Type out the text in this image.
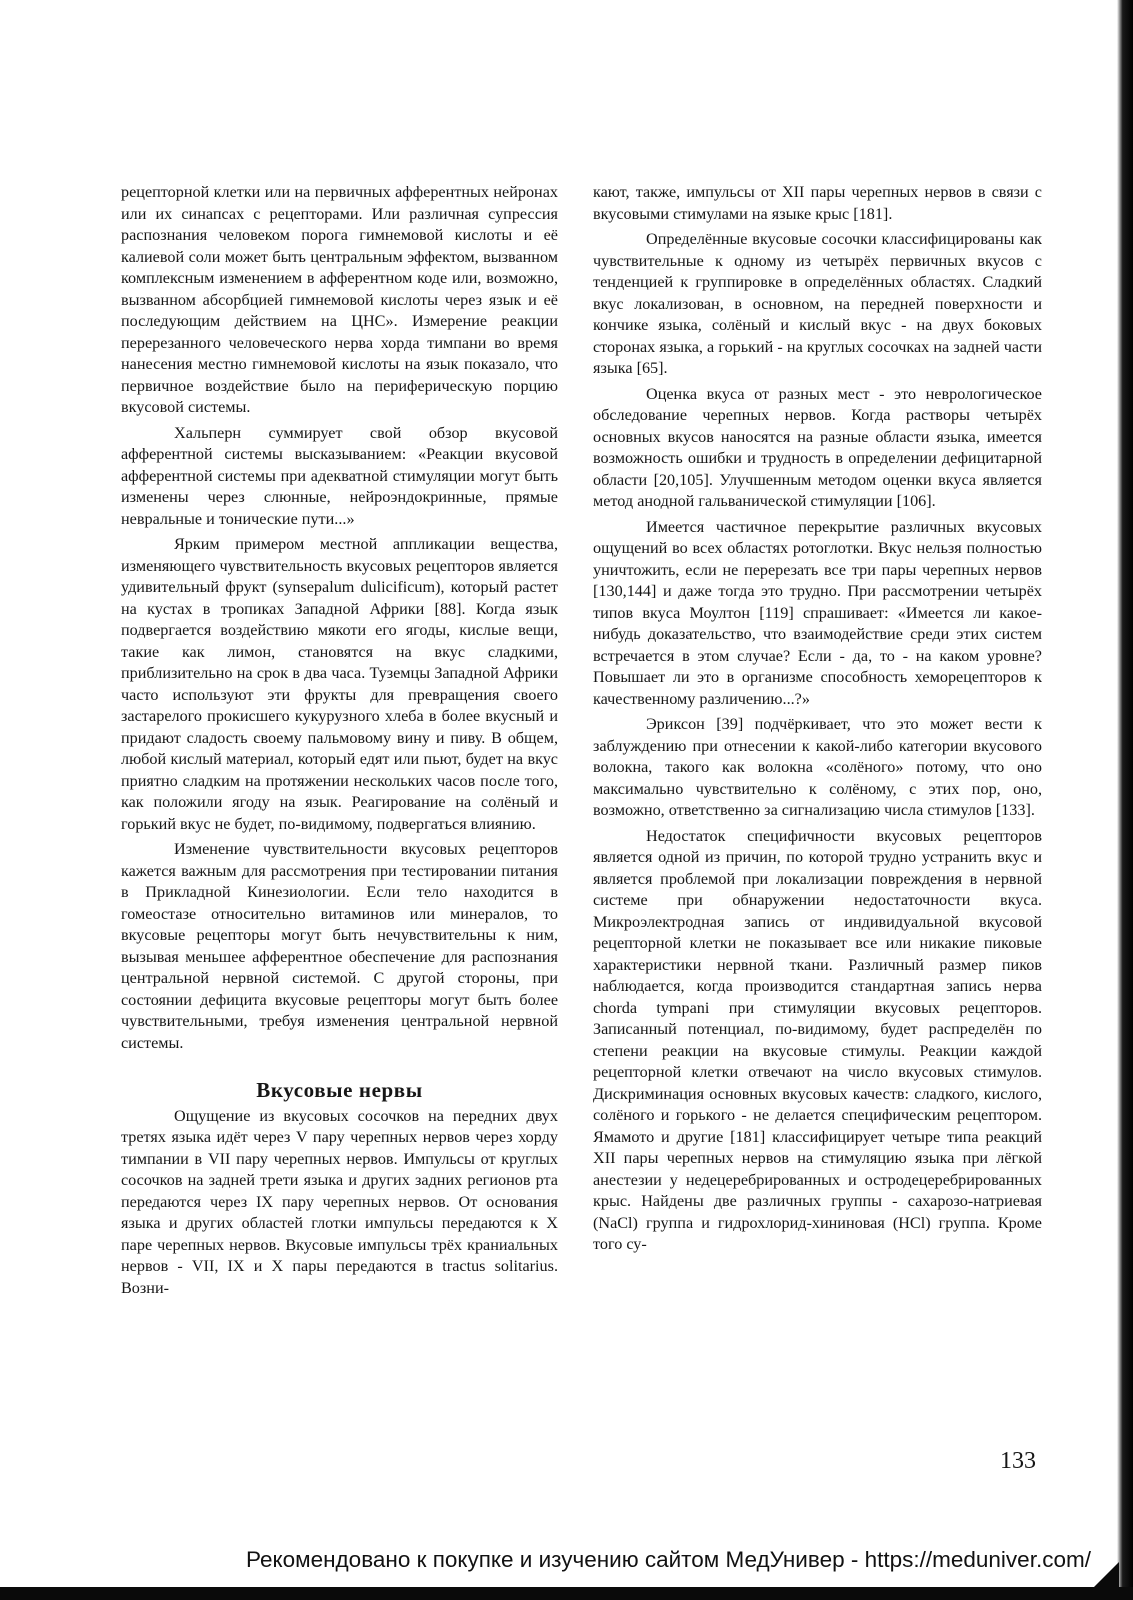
рецепторной клетки или на первичных афферентных нейронах или их синапсах с рецепторами. Или различная супрессия распознания человеком порога гимнемовой кислоты и её калиевой соли может быть центральным эффектом, вызванном комплексным изменением в афферентном коде или, возможно, вызванном абсорбцией гимнемовой кислоты через язык и её последующим действием на ЦНС». Измерение реакции перерезанного человеческого нерва хорда тимпани во время нанесения местно гимнемовой кислоты на язык показало, что первичное воздействие было на периферическую порцию вкусовой системы.

Хальперн суммирует свой обзор вкусовой афферентной системы высказыванием: «Реакции вкусовой афферентной системы при адекватной стимуляции могут быть изменены через слюнные, нейроэндокринные, прямые невральные и тонические пути...»

Ярким примером местной аппликации вещества, изменяющего чувствительность вкусовых рецепторов является удивительный фрукт (synsepalum dulicificum), который растет на кустах в тропиках Западной Африки [88]. Когда язык подвергается воздействию мякоти его ягоды, кислые вещи, такие как лимон, становятся на вкус сладкими, приблизительно на срок в два часа. Туземцы Западной Африки часто используют эти фрукты для превращения своего застарелого прокисшего кукурузного хлеба в более вкусный и придают сладость своему пальмовому вину и пиву. В общем, любой кислый материал, который едят или пьют, будет на вкус приятно сладким на протяжении нескольких часов после того, как положили ягоду на язык. Реагирование на солёный и горький вкус не будет, по-видимому, подвергаться влиянию.

Изменение чувствительности вкусовых рецепторов кажется важным для рассмотрения при тестировании питания в Прикладной Кинезиологии. Если тело находится в гомеостазе относительно витаминов или минералов, то вкусовые рецепторы могут быть нечувствительны к ним, вызывая меньшее афферентное обеспечение для распознания центральной нервной системой. С другой стороны, при состоянии дефицита вкусовые рецепторы могут быть более чувствительными, требуя изменения центральной нервной системы.

Вкусовые нервы

Ощущение из вкусовых сосочков на передних двух третях языка идёт через V пару черепных нервов через хорду тимпании в VII пару черепных нервов. Импульсы от круглых сосочков на задней трети языка и других задних регионов рта передаются через IX пару черепных нервов. От основания языка и других областей глотки импульсы передаются к X паре черепных нервов. Вкусовые импульсы трёх краниальных нервов - VII, IX и X пары передаются в tractus solitarius. Возни-

кают, также, импульсы от XII пары черепных нервов в связи с вкусовыми стимулами на языке крыс [181].

Определённые вкусовые сосочки классифицированы как чувствительные к одному из четырёх первичных вкусов с тенденцией к группировке в определённых областях. Сладкий вкус локализован, в основном, на передней поверхности и кончике языка, солёный и кислый вкус - на двух боковых сторонах языка, а горький - на круглых сосочках на задней части языка [65].

Оценка вкуса от разных мест - это неврологическое обследование черепных нервов. Когда растворы четырёх основных вкусов наносятся на разные области языка, имеется возможность ошибки и трудность в определении дефицитарной области [20,105]. Улучшенным методом оценки вкуса является метод анодной гальванической стимуляции [106].

Имеется частичное перекрытие различных вкусовых ощущений во всех областях ротоглотки. Вкус нельзя полностью уничтожить, если не перерезать все три пары черепных нервов [130,144] и даже тогда это трудно. При рассмотрении четырёх типов вкуса Моултон [119] спрашивает: «Имеется ли какое-нибудь доказательство, что взаимодействие среди этих систем встречается в этом случае? Если - да, то - на каком уровне? Повышает ли это в организме способность хеморецепторов к качественному различению...?»

Эриксон [39] подчёркивает, что это может вести к заблуждению при отнесении к какой-либо категории вкусового волокна, такого как волокна «солёного» потому, что оно максимально чувствительно к солёному, с этих пор, оно, возможно, ответственно за сигнализацию числа стимулов [133].

Недостаток специфичности вкусовых рецепторов является одной из причин, по которой трудно устранить вкус и является проблемой при локализации повреждения в нервной системе при обнаружении недостаточности вкуса. Микроэлектродная запись от индивидуальной вкусовой рецепторной клетки не показывает все или никакие пиковые характеристики нервной ткани. Различный размер пиков наблюдается, когда производится стандартная запись нерва chorda tympani при стимуляции вкусовых рецепторов. Записанный потенциал, по-видимому, будет распределён по степени реакции на вкусовые стимулы. Реакции каждой рецепторной клетки отвечают на число вкусовых стимулов. Дискриминация основных вкусовых качеств: сладкого, кислого, солёного и горького - не делается специфическим рецептором. Ямамото и другие [181] классифицирует четыре типа реакций XII пары черепных нервов на стимуляцию языка при лёгкой анестезии у недецеребрированных и остродецеребрированных крыс. Найдены две различных группы - сахарозо-натриевая (NaCl) группа и гидрохлорид-хининовая (HCl) группа. Кроме того су-

133
Рекомендовано к покупке и изучению сайтом МедУнивер - https://meduniver.com/
